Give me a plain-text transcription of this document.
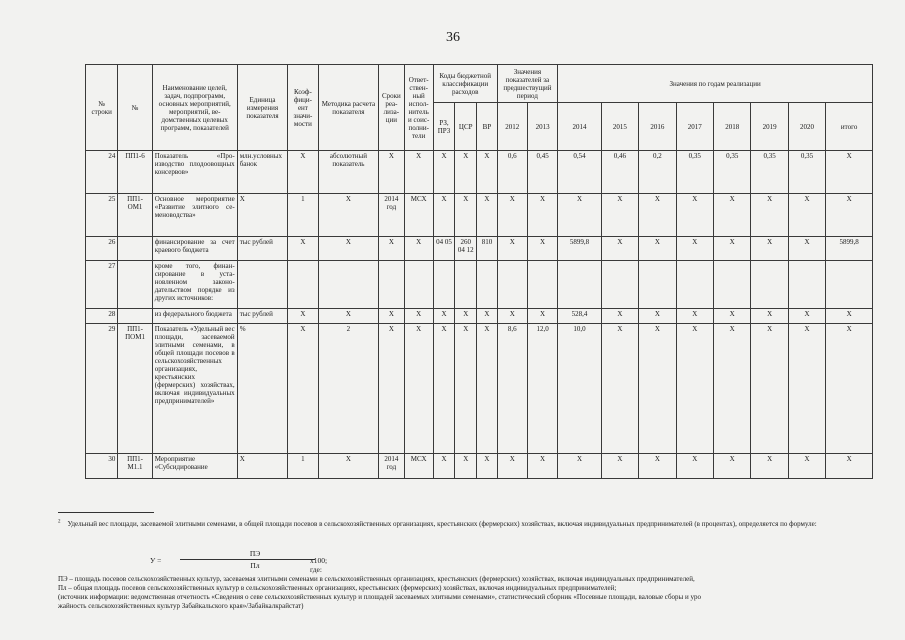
36
№ строки	№	Наименование целей, задач, подпрограмм, основных мероприятий, мероприятий, ведомственных целевых программ, показателей	Единица измерения показателя	Коэффициент значимости	Методика расчета показателя	Сроки реализации	Ответственный исполнитель и соисполнители	Коды бюджетной классификации расходов			Значения показателей за предшествущий период		Значения по годам реализации							
								РЗ, ПР3	ЦСР	ВР	2012	2013	2014	2015	2016	2017	2018	2019	2020	итого
24	ПП1-6	Показатель «Производство плодоовощных консервов»	млн.условных банок	X	абсолютный показатель	X	X	X	X	X	0,6	0,45	0,54	0,46	0,2	0,35	0,35	0,35	0,35	X
25	ПП1-ОМ1	Основное мероприятие «Развитие элитного семеноводства»	X	1	X	2014 год	МСХ	X	X	X	X	X	X	X	X	X	X	X	X	X
26		финансирование за счет краевого бюджета	тыс рублей	X	X	X	X	04 05	260 04 12	810	X	X	5899,8	X	X	X	X	X	X	5899,8
27		кроме того, финансирование в установленном законодательством порядке из других источников:																		
28		из федерального бюджета	тыс рублей	X	X	X	X	X	X	X	X	X	528,4	X	X	X	X	X	X	X
29	ПП1-ПОМ1	Показатель «Удельный вес площади, засеваемой элитными семенами, в общей площади посевов в сельскохозяйственных организациях, крестьянских (фермерских) хозяйствах, включая индивидуальных предпринимателей»	%	X	2	X	X	X	X	X	8,6	12,0	10,0	X	X	X	X	X	X	X
30	ПП1-М1.1	Мероприятие «Субсидирование	X	1	X	2014 год	МСХ	X	X	X	X	X	X	X	X	X	X	X	X	X
$^2$ Удельный вес площади, засеваемой элитными семенами, в общей площади посевов в сельскохозяйственных организациях, крестьянских (фермерских) хозяйствах, включая индивидуальных предпринимателей (в процентах), определяется по формуле:
У =
ПЭ
Пл
x100; где:
ПЭ – площадь посевов сельскохозяйственных культур, засеваемая элитными семенами в сельскохозяйственных организациях, крестьянских (фермерских) хозяйствах, включая индивидуальных предпринимателей,
Пл – общая площадь посевов сельскохозяйственных культур в сельскохозяйственных организациях, крестьянских (фермерских) хозяйствах, включая индивидуальных предпринимателей;
(источник информации: ведомственная отчетность «Сведения о севе сельскохозяйственных культур и площадей засеваемых элитными семенами», статистический сборник «Посевные площади, валовые сборы и уро
жайность сельскохозяйственных культур Забайкальского края»/Забайкалкрайстат)
